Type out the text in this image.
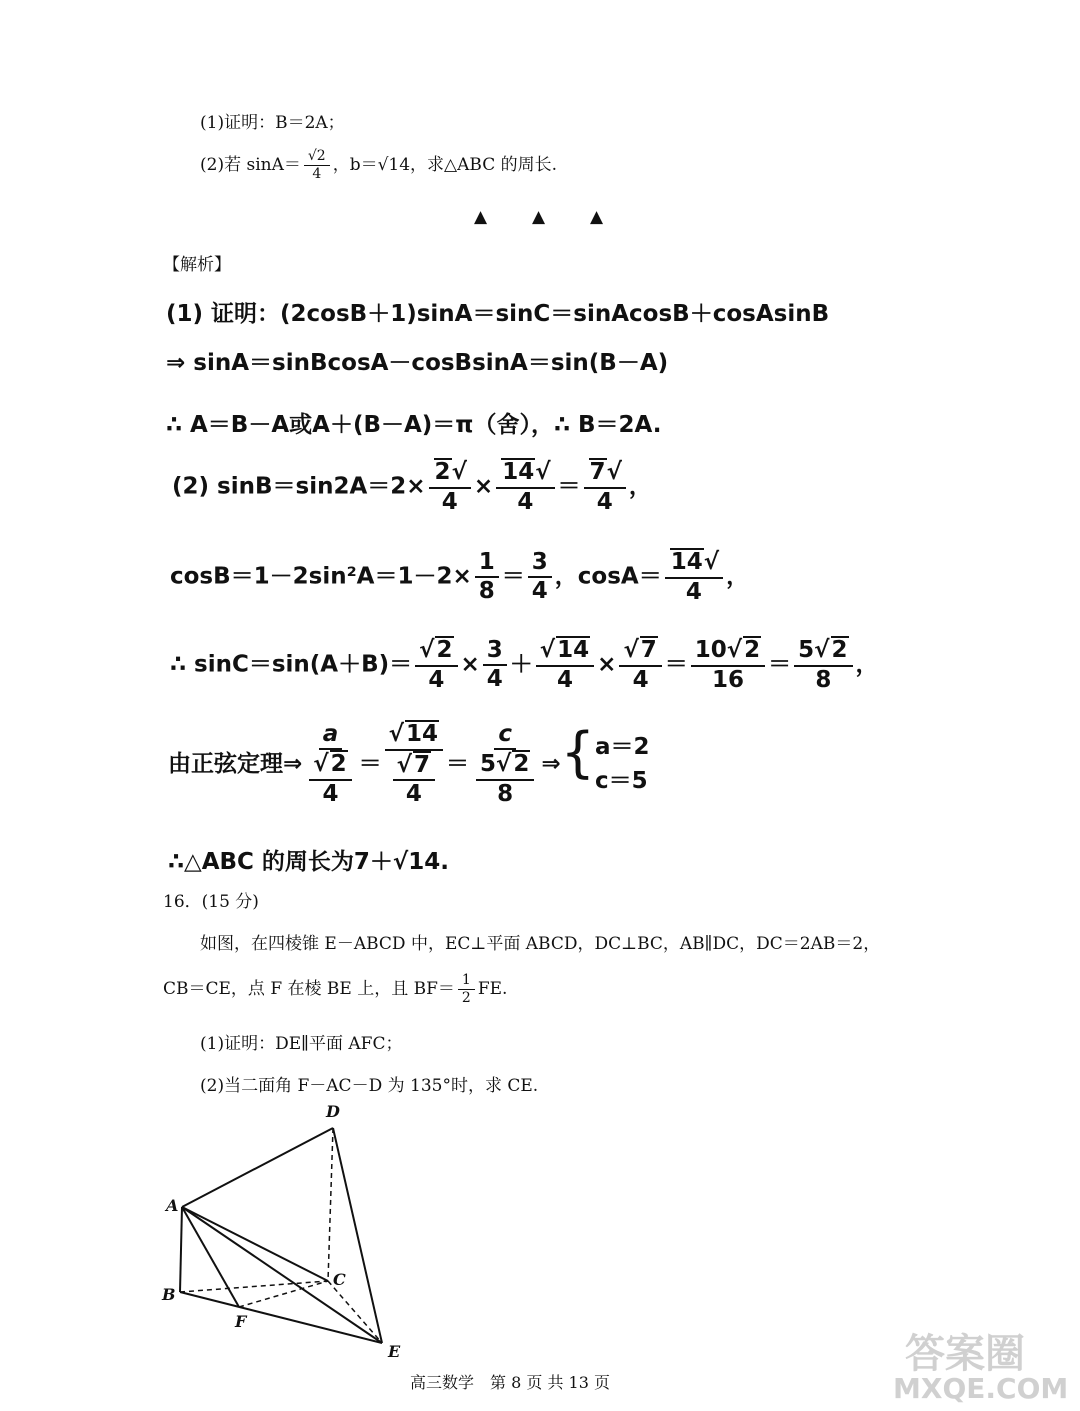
(1)证明：B＝2A；
(2)若 $\sin A= \frac{√2}{4}$ ，b＝√14，求△ABC 的周长.
▲	▲	▲
【解析】
(1) 证明：(2cosB＋1)sinA＝sinC＝sinAcosB＋cosAsinB
⇒ sinA＝sinBcosA－cosBsinA＝sin(B－A)
∴ A＝B－A或A＋(B－A)＝π（舍），∴ B＝2A.
(2) $\sin B=\sin 2A=2\times \frac{2√}{4} \times \frac{14√}{4} = \frac{7√}{4}$ ，
$\cos B=1-2\sin^2A=1-2\times \frac{1}{8} = \frac{3}{4}$ ，$\cos A= \frac{14√}{4}$ ，
∴ $\sin C=\sin(A+B)= \frac{√2}{4} \times \frac{3}{4} + \frac{√14}{4} \times \frac{√7}{4} = \frac{10√2}{16} = \frac{5√2}{8}$ ，
由正弦定理⇒ $\frac{a}{\frac{√2}{4}} = \frac{√14}{\frac{√7}{4}} = \frac{c}{\frac{5√2}{8}}$ ⇒{ a＝2
c＝5
∴△ABC 的周长为7＋√14.
16．(15 分)
如图，在四棱锥 E－ABCD 中，EC⊥平面 ABCD，DC⊥BC，AB∥DC，DC＝2AB＝2，
CB＝CE，点 F 在棱 BE 上，且 $BF= \frac{1}{2}$ FE.
(1)证明：DE∥平面 AFC；
(2)当二面角 F－AC－D 为 135°时，求 CE.
D
A
B
C
F
E
高三数学　第 8 页 共 13 页
答案圈
MXQE.COM
